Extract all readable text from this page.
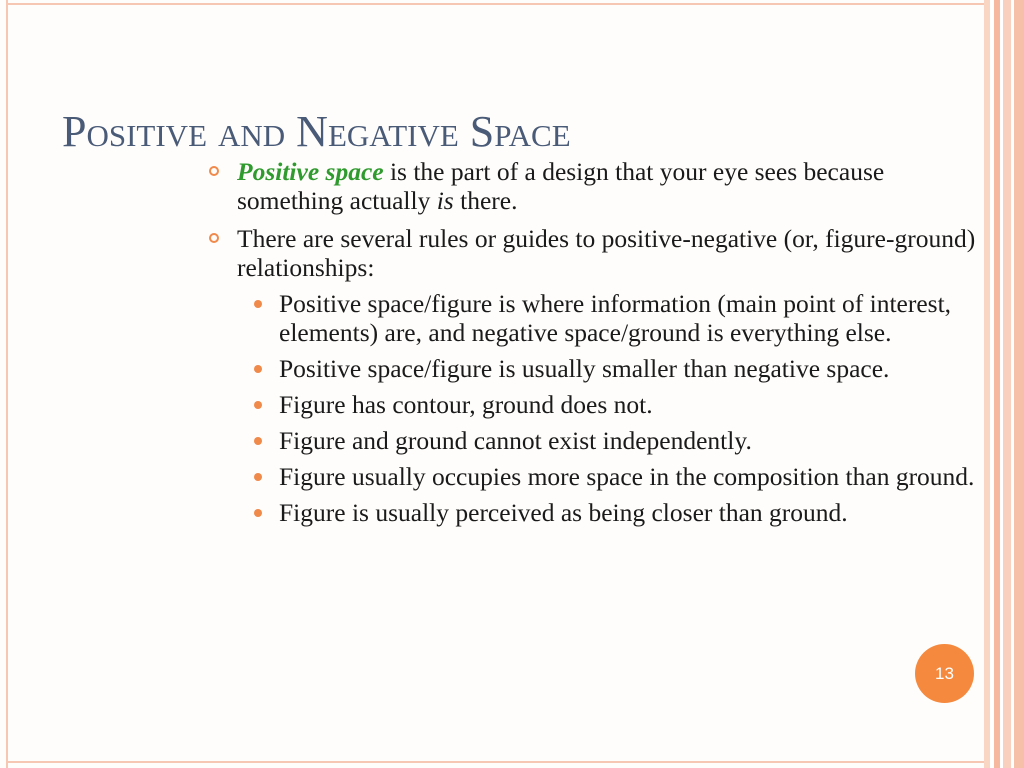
Positive and Negative Space
Positive space is the part of a design that your eye sees because something actually is there.
There are several rules or guides to positive-negative (or, figure-ground) relationships:
Positive space/figure is where information (main point of interest, elements) are, and negative space/ground is everything else.
Positive space/figure is usually smaller than negative space.
Figure has contour, ground does not.
Figure and ground cannot exist independently.
Figure usually occupies more space in the composition than ground.
Figure is usually perceived as being closer than ground.
13
